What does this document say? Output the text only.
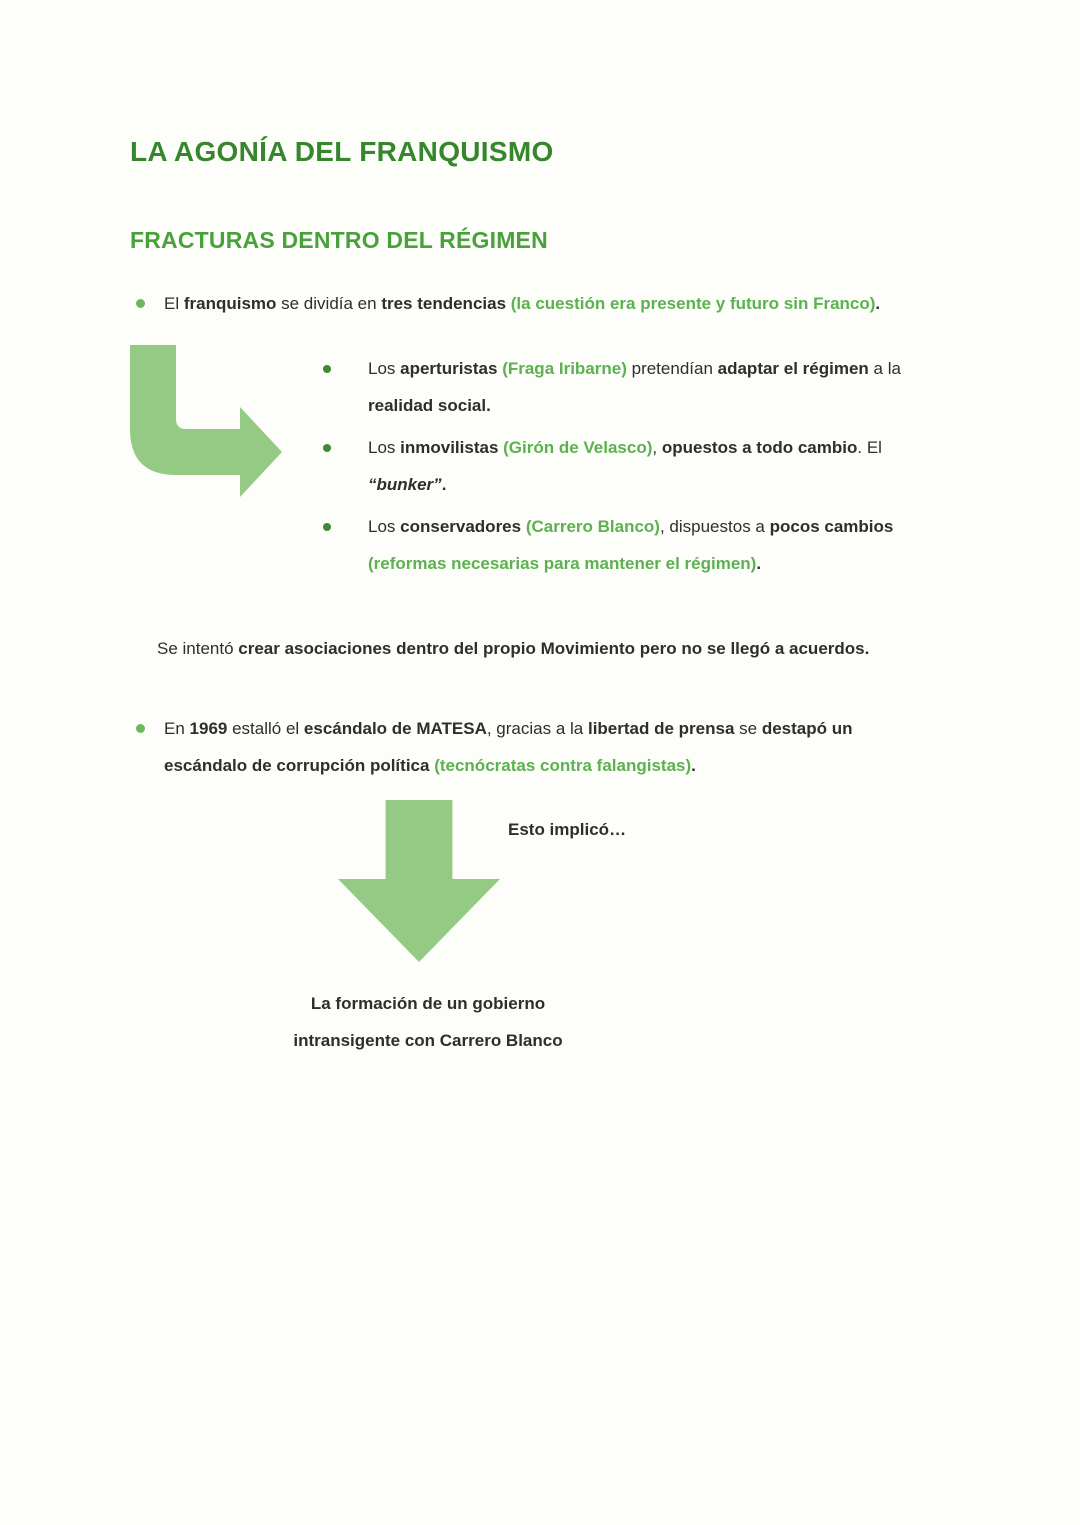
LA AGONÍA DEL FRANQUISMO
FRACTURAS DENTRO DEL RÉGIMEN

El franquismo se dividía en tres tendencias (la cuestión era presente y futuro sin Franco).

Los aperturistas (Fraga Iribarne) pretendían adaptar el régimen a la realidad social.

Los inmovilistas (Girón de Velasco), opuestos a todo cambio. El “bunker”.

Los conservadores (Carrero Blanco), dispuestos a pocos cambios (reformas necesarias para mantener el régimen).

Se intentó crear asociaciones dentro del propio Movimiento pero no se llegó a acuerdos.

En 1969 estalló el escándalo de MATESA, gracias a la libertad de prensa se destapó un escándalo de corrupción política (tecnócratas contra falangistas).

Esto implicó…

La formación de un gobierno intransigente con Carrero Blanco
